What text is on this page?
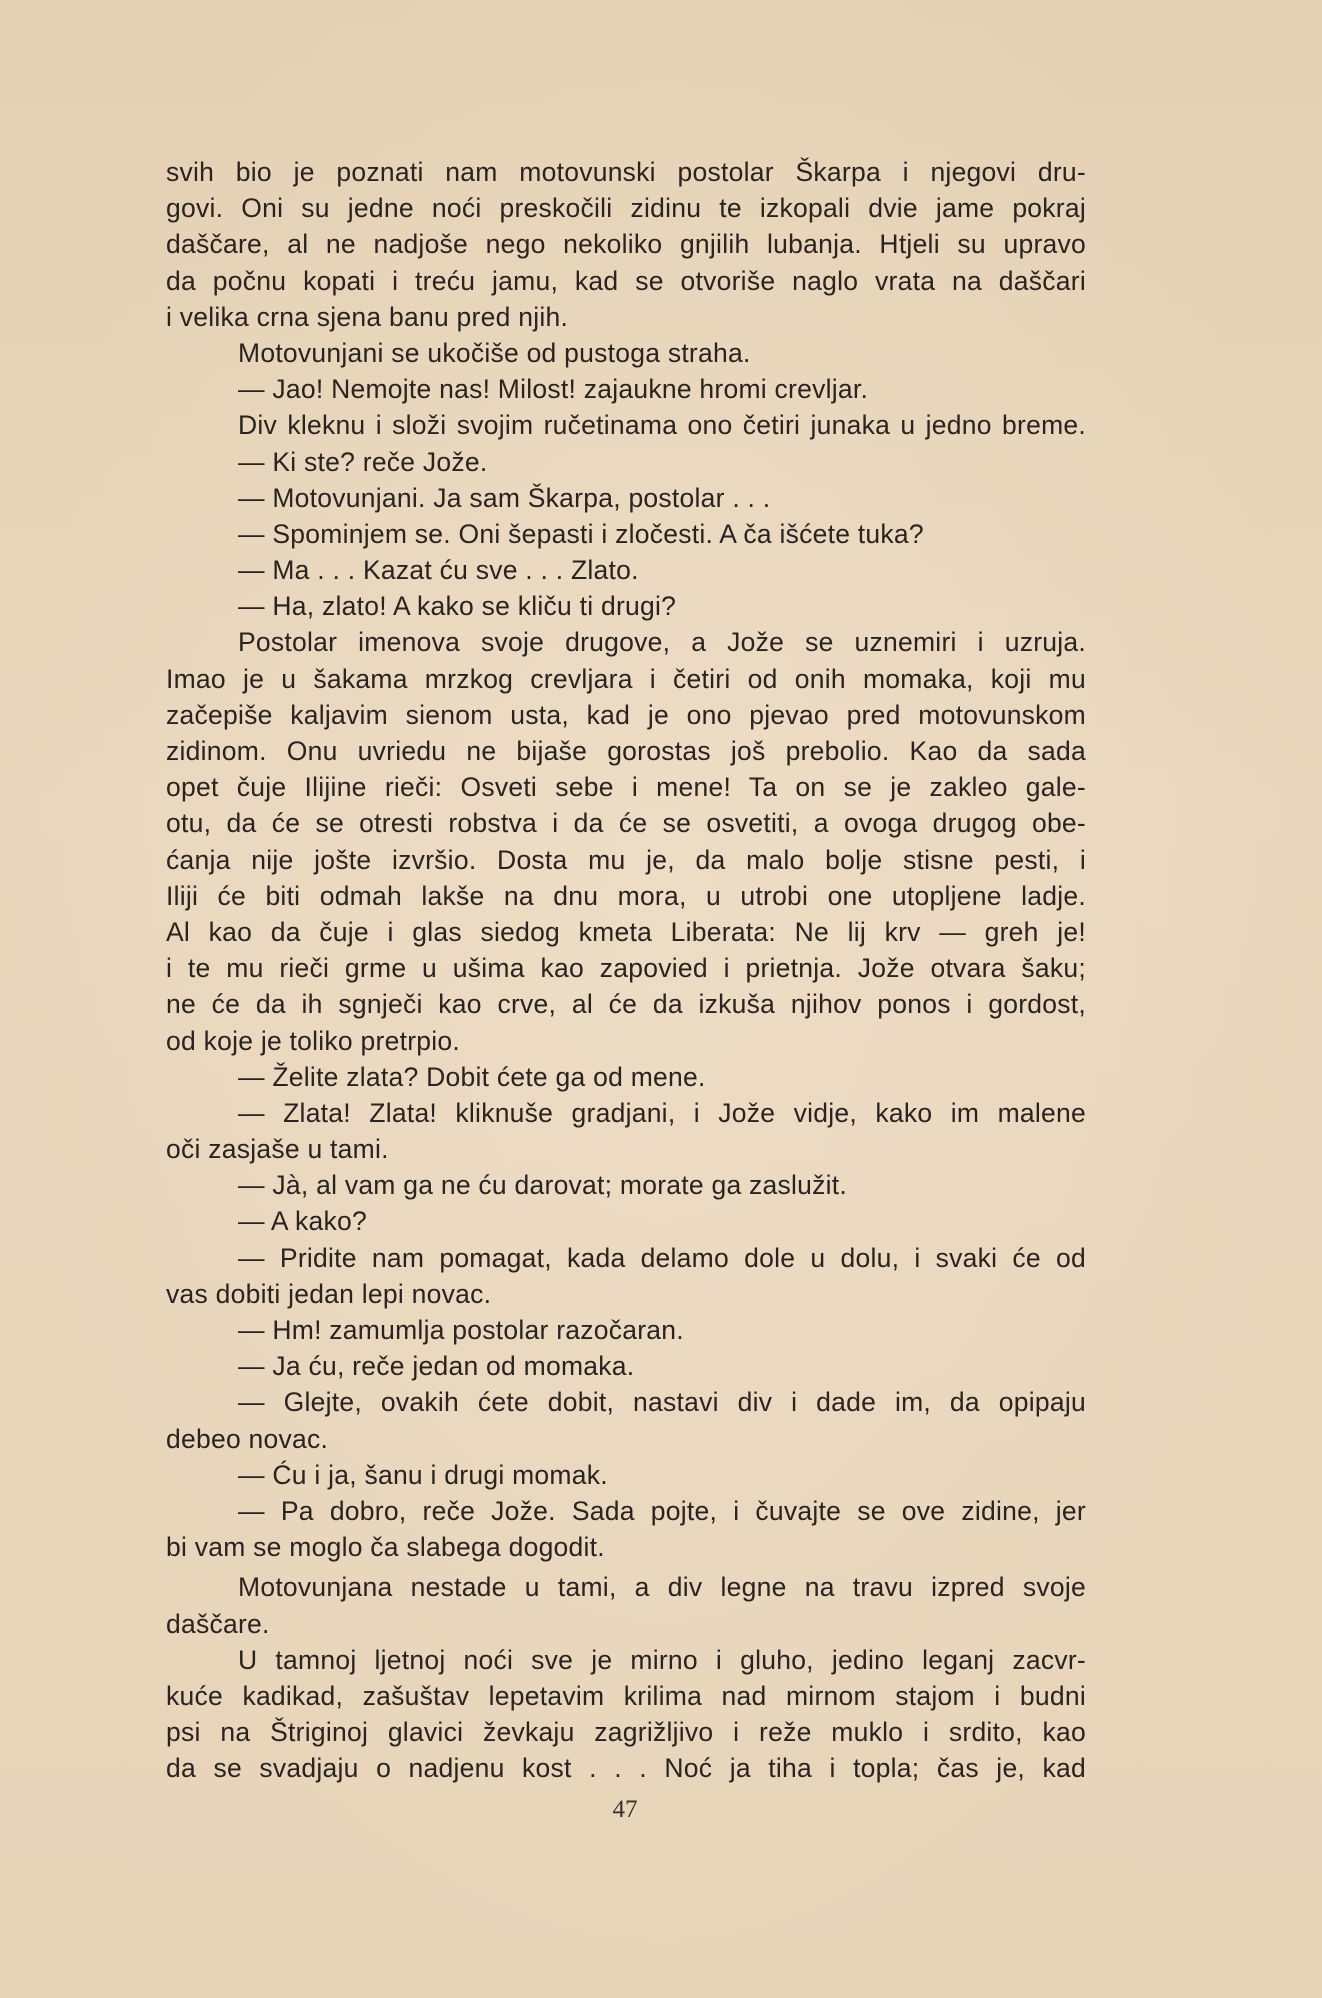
svih bio je poznati nam motovunski postolar Škarpa i njegovi dru-
govi. Oni su jedne noći preskočili zidinu te izkopali dvie jame pokraj
daščare, al ne nadjoše nego nekoliko gnjilih lubanja. Htjeli su upravo
da počnu kopati i treću jamu, kad se otvoriše naglo vrata na daščari
i velika crna sjena banu pred njih.
Motovunjani se ukočiše od pustoga straha.
— Jao! Nemojte nas! Milost! zajaukne hromi crevljar.
Div kleknu i složi svojim ručetinama ono četiri junaka u jedno breme.
— Ki ste? reče Jože.
— Motovunjani. Ja sam Škarpa, postolar . . .
— Spominjem se. Oni šepasti i zločesti. A ča išćete tuka?
— Ma . . . Kazat ću sve . . . Zlato.
— Ha, zlato! A kako se kliču ti drugi?
Postolar imenova svoje drugove, a Jože se uznemiri i uzruja.
Imao je u šakama mrzkog crevljara i četiri od onih momaka, koji mu
začepiše kaljavim sienom usta, kad je ono pjevao pred motovunskom
zidinom. Onu uvriedu ne bijaše gorostas još prebolio. Kao da sada
opet čuje Ilijine rieči: Osveti sebe i mene! Ta on se je zakleo gale-
otu, da će se otresti robstva i da će se osvetiti, a ovoga drugog obe-
ćanja nije jošte izvršio. Dosta mu je, da malo bolje stisne pesti, i
Iliji će biti odmah lakše na dnu mora, u utrobi one utopljene ladje.
Al kao da čuje i glas siedog kmeta Liberata: Ne lij krv — greh je!
i te mu rieči grme u ušima kao zapovied i prietnja. Jože otvara šaku;
ne će da ih sgnječi kao crve, al će da izkuša njihov ponos i gordost,
od koje je toliko pretrpio.
— Želite zlata? Dobit ćete ga od mene.
— Zlata! Zlata! kliknuše gradjani, i Jože vidje, kako im malene
oči zasjaše u tami.
— Jà, al vam ga ne ću darovat; morate ga zaslužit.
— A kako?
— Pridite nam pomagat, kada delamo dole u dolu, i svaki će od
vas dobiti jedan lepi novac.
— Hm! zamumlja postolar razočaran.
— Ja ću, reče jedan od momaka.
— Glejte, ovakih ćete dobit, nastavi div i dade im, da opipaju
debeo novac.
— Ću i ja, šanu i drugi momak.
— Pa dobro, reče Jože. Sada pojte, i čuvajte se ove zidine, jer
bi vam se moglo ča slabega dogodit.
Motovunjana nestade u tami, a div legne na travu izpred svoje
daščare.
U tamnoj ljetnoj noći sve je mirno i gluho, jedino leganj zacvr-
kuće kadikad, zašuštav lepetavim krilima nad mirnom stajom i budni
psi na Štriginoj glavici ževkaju zagrižljivo i reže muklo i srdito, kao
da se svadjaju o nadjenu kost . . . Noć ja tiha i topla; čas je, kad
47
